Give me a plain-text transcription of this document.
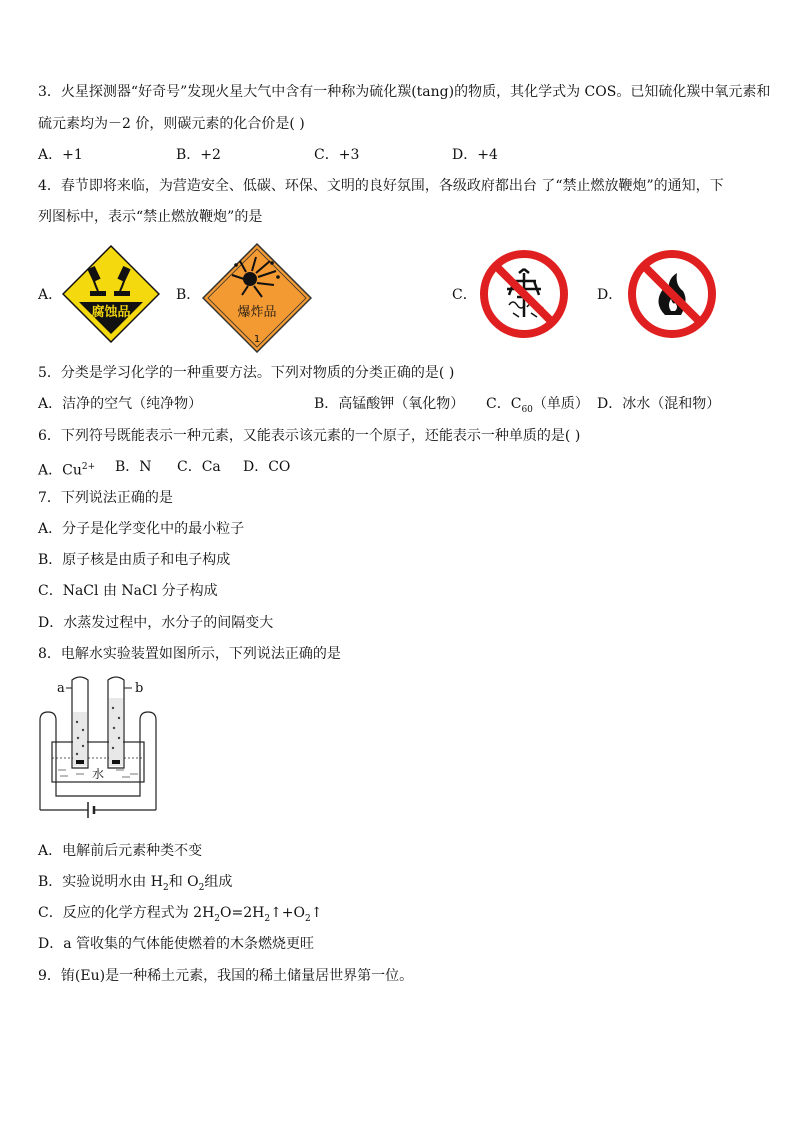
3．火星探测器“好奇号”发现火星大气中含有一种称为硫化羰(tang)的物质，其化学式为 COS。已知硫化羰中氧元素和
硫元素均为－2 价，则碳元素的化合价是( )
A．+1	B．+2	C．+3	D．+4
4．春节即将来临，为营造安全、低碳、环保、文明的良好氛围，各级政府都出台 了“禁止燃放鞭炮”的通知，下
列图标中，表示“禁止燃放鞭炮”的是
A．
腐蚀品
B．
爆炸品
1
C．	D．
5．分类是学习化学的一种重要方法。下列对物质的分类正确的是( )
A．洁净的空气（纯净物）	B．高锰酸钾（氧化物） C．$C_{60}$（单质） D．冰水（混和物）
6．下列符号既能表示一种元素，又能表示该元素的一个原子，还能表示一种单质的是( )
A．$Cu^{2+}$ B．N C．Ca D．CO
7．下列说法正确的是
A．分子是化学变化中的最小粒子
B．原子核是由质子和电子构成
C．NaCl 由 NaCl 分子构成
D．水蒸发过程中，水分子的间隔变大
8．电解水实验装置如图所示，下列说法正确的是
a	b
水
A．电解前后元素种类不变
B．实验说明水由 $H_2$和 $O_2$组成
C．反应的化学方程式为 $2H_2O=2H_2↑+O_2↑$
D．a 管收集的气体能使燃着的木条燃烧更旺
9．铕(Eu)是一种稀土元素，我国的稀土储量居世界第一位。
